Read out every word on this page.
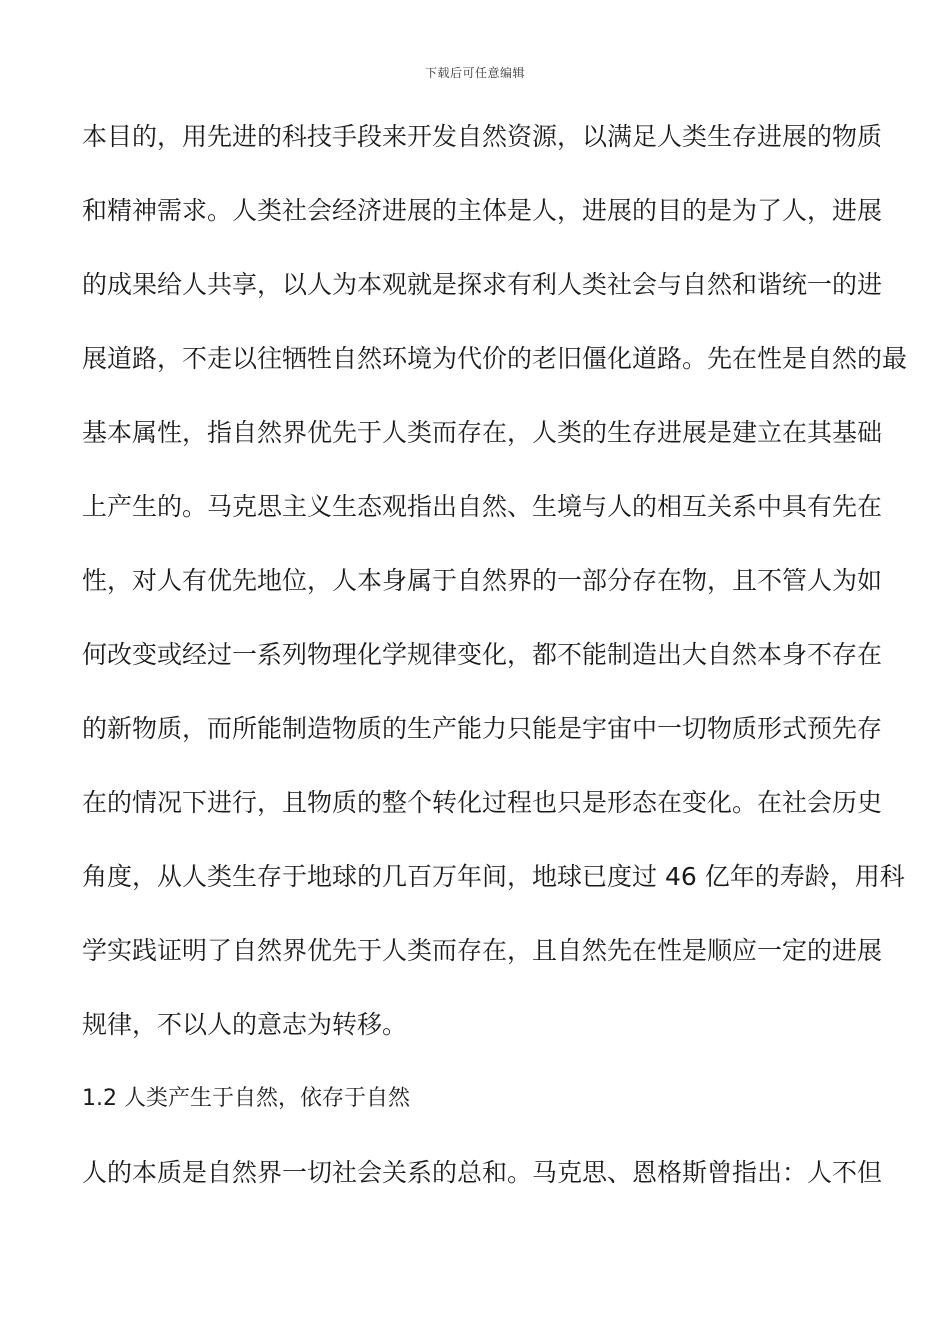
下载后可任意编辑
本目的，用先进的科技手段来开发自然资源，以满足人类生存进展的物质
和精神需求。人类社会经济进展的主体是人，进展的目的是为了人，进展
的成果给人共享，以人为本观就是探求有利人类社会与自然和谐统一的进
展道路，不走以往牺牲自然环境为代价的老旧僵化道路。先在性是自然的最
基本属性，指自然界优先于人类而存在，人类的生存进展是建立在其基础
上产生的。马克思主义生态观指出自然、生境与人的相互关系中具有先在
性，对人有优先地位，人本身属于自然界的一部分存在物，且不管人为如
何改变或经过一系列物理化学规律变化，都不能制造出大自然本身不存在
的新物质，而所能制造物质的生产能力只能是宇宙中一切物质形式预先存
在的情况下进行，且物质的整个转化过程也只是形态在变化。在社会历史
角度，从人类生存于地球的几百万年间，地球已度过 46 亿年的寿龄，用科
学实践证明了自然界优先于人类而存在，且自然先在性是顺应一定的进展
规律，不以人的意志为转移。
1.2 人类产生于自然，依存于自然
人的本质是自然界一切社会关系的总和。马克思、恩格斯曾指出：人不但
